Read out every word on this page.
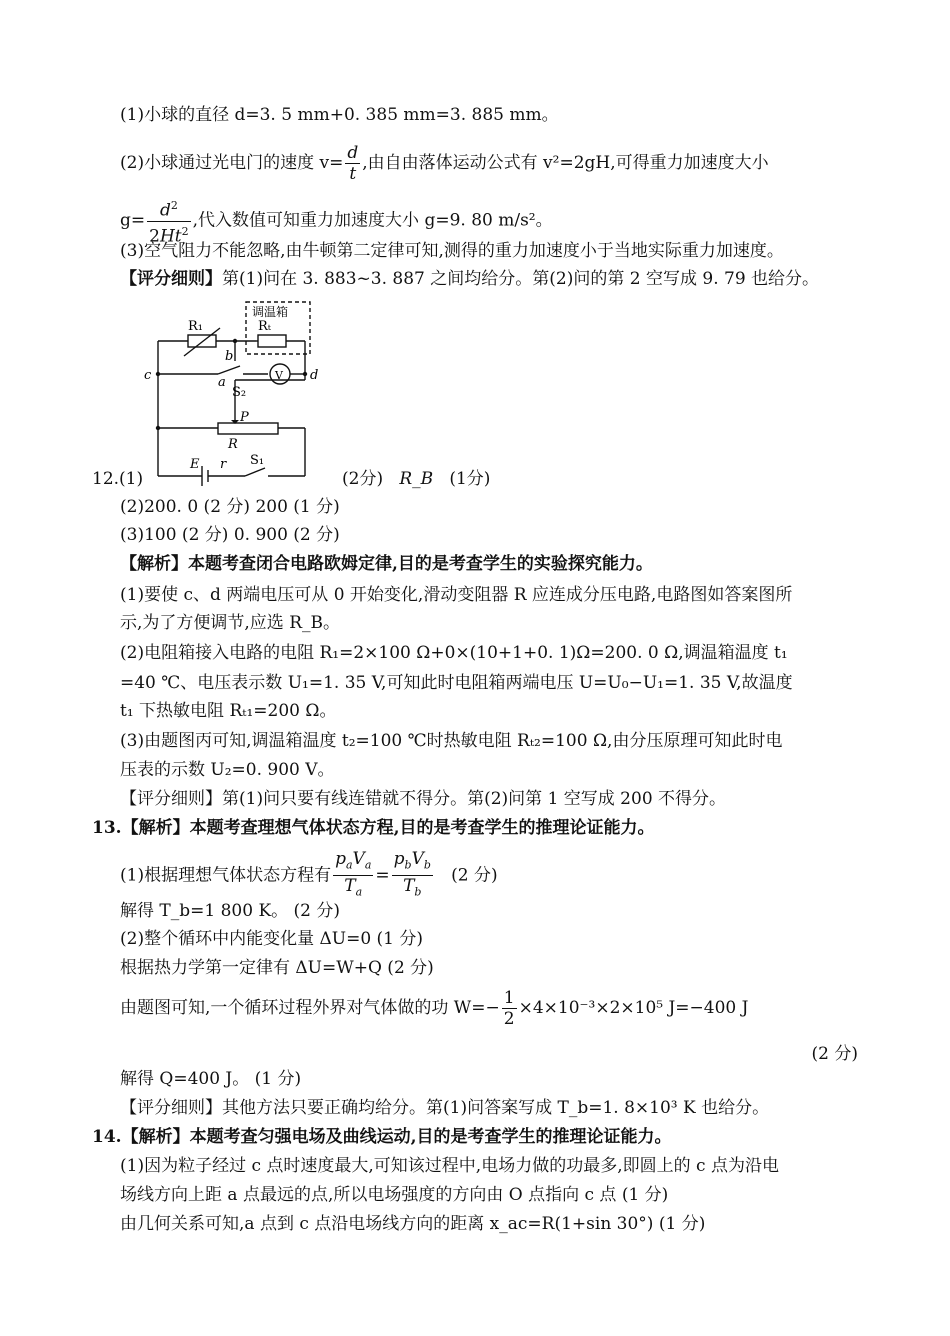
(1)小球的直径 d=3. 5 mm+0. 385 mm=3. 885 mm。
(2)小球通过光电门的速度 $v= \frac{d}{t}$ ,由自由落体运动公式有 v²=2gH,可得重力加速度大小
$g= \frac{d^2}{2Ht^2}$ ,代入数值可知重力加速度大小 g=9. 80 m/s²。
(3)空气阻力不能忽略,由牛顿第二定律可知,测得的重力加速度小于当地实际重力加速度。
【评分细则】第(1)问在 3. 883~3. 887 之间均给分。第(2)问的第 2 空写成 9. 79 也给分。
R₁
调温箱
Rₜ
b
c	a
S₂
V d
P
R
E r S₁
12.(1)	(2分) R_B (1分)
(2)200. 0 (2 分) 200 (1 分)
(3)100 (2 分) 0. 900 (2 分)
【解析】本题考查闭合电路欧姆定律,目的是考查学生的实验探究能力。
(1)要使 c、d 两端电压可从 0 开始变化,滑动变阻器 R 应连成分压电路,电路图如答案图所
示,为了方便调节,应选 R_B。
(2)电阻箱接入电路的电阻 R₁=2×100 Ω+0×(10+1+0. 1)Ω=200. 0 Ω,调温箱温度 t₁
=40 ℃、电压表示数 U₁=1. 35 V,可知此时电阻箱两端电压 U=U₀−U₁=1. 35 V,故温度
t₁ 下热敏电阻 Rₜ₁=200 Ω。
(3)由题图丙可知,调温箱温度 t₂=100 ℃时热敏电阻 Rₜ₂=100 Ω,由分压原理可知此时电
压表的示数 U₂=0. 900 V。
【评分细则】第(1)问只要有线连错就不得分。第(2)问第 1 空写成 200 不得分。
13.【解析】本题考查理想气体状态方程,目的是考查学生的推理论证能力。
(1)根据理想气体状态方程有 $\frac{p_aV_a}{T_a} = \frac{p_bV_b}{T_b} (2$ 分)
解得 T_b=1 800 K。 (2 分)
(2)整个循环中内能变化量 ΔU=0 (1 分)
根据热力学第一定律有 ΔU=W+Q (2 分)
由题图可知,一个循环过程外界对气体做的功 $W=- \frac{1}{2} \times 4\times 10^{-3}\times 2\times 10^5$ J=−400 J
(2 分)
解得 Q=400 J。 (1 分)
【评分细则】其他方法只要正确均给分。第(1)问答案写成 T_b=1. 8×10³ K 也给分。
14.【解析】本题考查匀强电场及曲线运动,目的是考查学生的推理论证能力。
(1)因为粒子经过 c 点时速度最大,可知该过程中,电场力做的功最多,即圆上的 c 点为沿电
场线方向上距 a 点最远的点,所以电场强度的方向由 O 点指向 c 点 (1 分)
由几何关系可知,a 点到 c 点沿电场线方向的距离 x_ac=R(1+sin 30°) (1 分)
